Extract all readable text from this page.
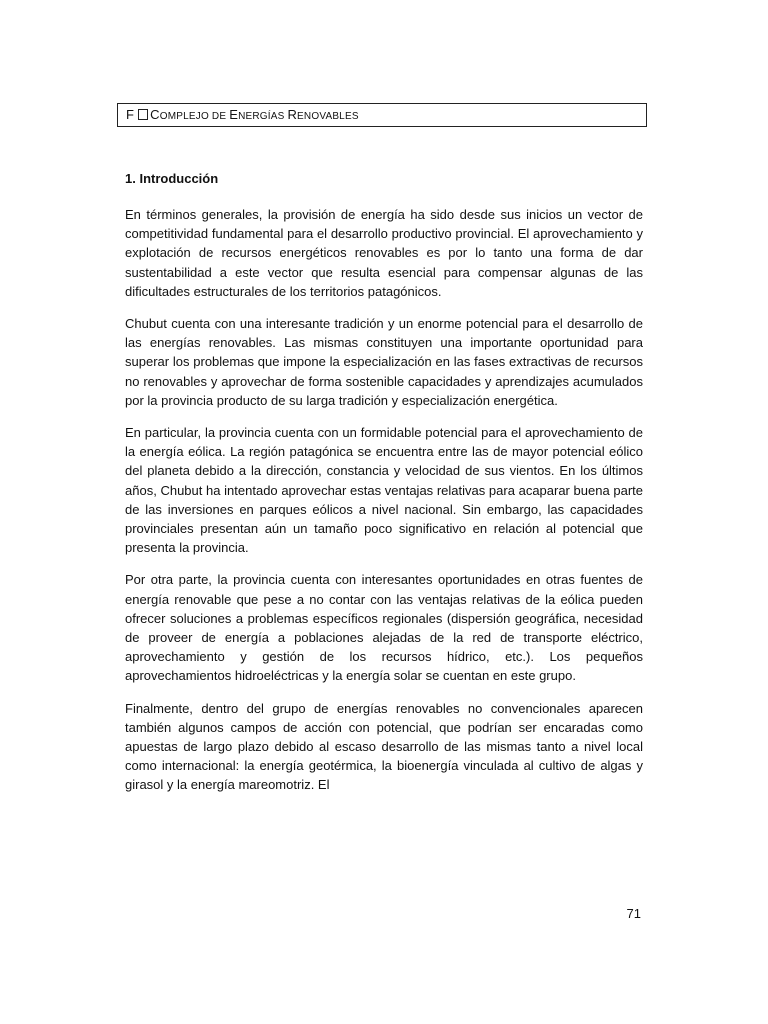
F COMPLEJO DE ENERGÍAS RENOVABLES
1. Introducción

En términos generales, la provisión de energía ha sido desde sus inicios un vector de competitividad fundamental para el desarrollo productivo provincial. El aprovechamiento y explotación de recursos energéticos renovables es por lo tanto una forma de dar sustentabilidad a este vector que resulta esencial para compensar algunas de las dificultades estructurales de los territorios patagónicos.

Chubut cuenta con una interesante tradición y un enorme potencial para el desarrollo de las energías renovables. Las mismas constituyen una importante oportunidad para superar los problemas que impone la especialización en las fases extractivas de recursos no renovables y aprovechar de forma sostenible capacidades y aprendizajes acumulados por la provincia producto de su larga tradición y especialización energética.

En particular, la provincia cuenta con un formidable potencial para el aprovechamiento de la energía eólica. La región patagónica se encuentra entre las de mayor potencial eólico del planeta debido a la dirección, constancia y velocidad de sus vientos. En los últimos años, Chubut ha intentado aprovechar estas ventajas relativas para acaparar buena parte de las inversiones en parques eólicos a nivel nacional. Sin embargo, las capacidades provinciales presentan aún un tamaño poco significativo en relación al potencial que presenta la provincia.

Por otra parte, la provincia cuenta con interesantes oportunidades en otras fuentes de energía renovable que pese a no contar con las ventajas relativas de la eólica pueden ofrecer soluciones a problemas específicos regionales (dispersión geográfica, necesidad de proveer de energía a poblaciones alejadas de la red de transporte eléctrico, aprovechamiento y gestión de los recursos hídrico, etc.). Los pequeños aprovechamientos hidroeléctricas y la energía solar se cuentan en este grupo.

Finalmente, dentro del grupo de energías renovables no convencionales aparecen también algunos campos de acción con potencial, que podrían ser encaradas como apuestas de largo plazo debido al escaso desarrollo de las mismas tanto a nivel local como internacional: la energía geotérmica, la bioenergía vinculada al cultivo de algas y girasol y la energía mareomotriz. El

71
